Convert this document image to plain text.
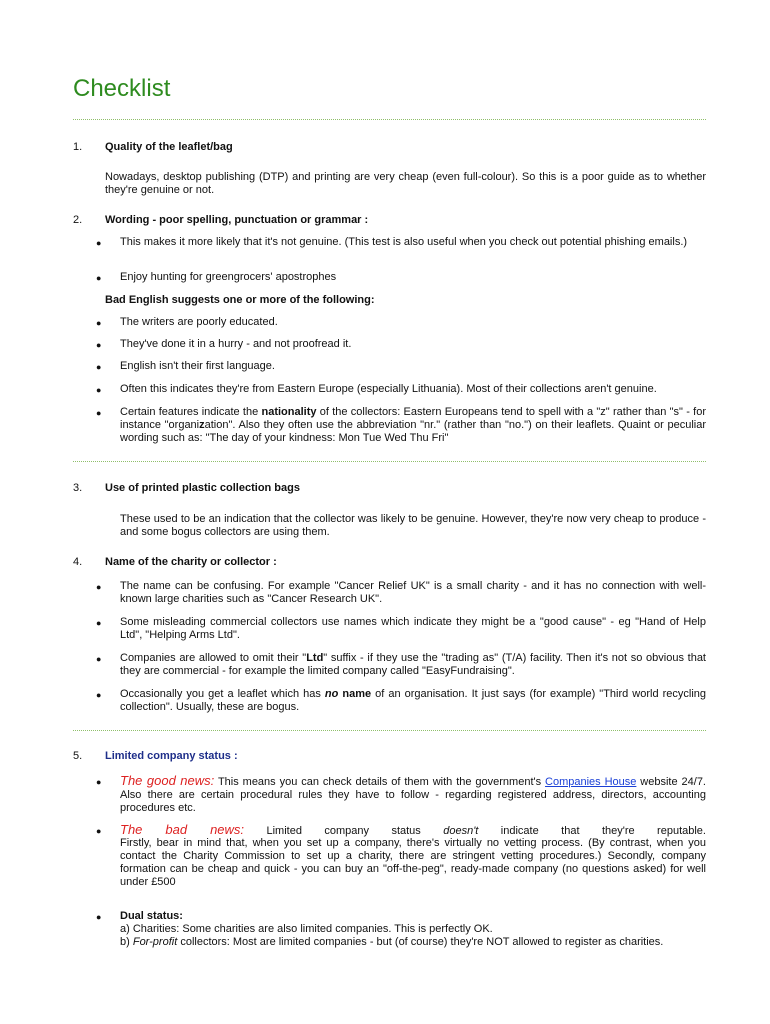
Checklist
1. Quality of the leaflet/bag
Nowadays, desktop publishing (DTP) and printing are very cheap (even full-colour). So this is a poor guide as to whether they're genuine or not.
2. Wording - poor spelling, punctuation or grammar :
● This makes it more likely that it's not genuine. (This test is also useful when you check out potential phishing emails.)
● Enjoy hunting for greengrocers' apostrophes
Bad English suggests one or more of the following:
● The writers are poorly educated.
● They've done it in a hurry - and not proofread it.
● English isn't their first language.
● Often this indicates they're from Eastern Europe (especially Lithuania). Most of their collections aren't genuine.
● Certain features indicate the nationality of the collectors: Eastern Europeans tend to spell with a "z" rather than "s" - for instance "organization". Also they often use the abbreviation "nr." (rather than "no.") on their leaflets. Quaint or peculiar wording such as: "The day of your kindness: Mon Tue Wed Thu Fri"
3. Use of printed plastic collection bags
These used to be an indication that the collector was likely to be genuine. However, they're now very cheap to produce - and some bogus collectors are using them.
4. Name of the charity or collector :
● The name can be confusing. For example "Cancer Relief UK" is a small charity - and it has no connection with well-known large charities such as "Cancer Research UK".
● Some misleading commercial collectors use names which indicate they might be a "good cause" - eg "Hand of Help Ltd", "Helping Arms Ltd".
● Companies are allowed to omit their "Ltd" suffix - if they use the "trading as" (T/A) facility. Then it's not so obvious that they are commercial - for example the limited company called "EasyFundraising".
● Occasionally you get a leaflet which has no name of an organisation. It just says (for example) "Third world recycling collection". Usually, these are bogus.
5. Limited company status :
● The good news: This means you can check details of them with the government's Companies House website 24/7. Also there are certain procedural rules they have to follow - regarding registered address, directors, accounting procedures etc.
● The bad news: Limited company status doesn't indicate that they're reputable.
Firstly, bear in mind that, when you set up a company, there's virtually no vetting process. (By contrast, when you contact the Charity Commission to set up a charity, there are stringent vetting procedures.) Secondly, company formation can be cheap and quick - you can buy an "off-the-peg", ready-made company (no questions asked) for well under £500
● Dual status:
a) Charities: Some charities are also limited companies. This is perfectly OK.
b) For-profit collectors: Most are limited companies - but (of course) they're NOT allowed to register as charities.
